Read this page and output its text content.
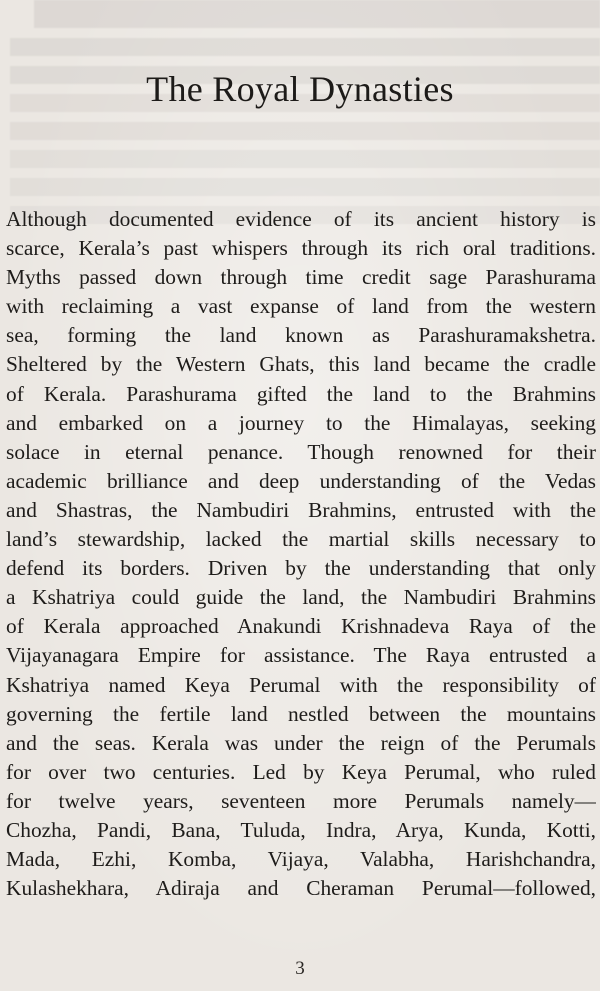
The Royal Dynasties
Although documented evidence of its ancient history is
scarce, Kerala’s past whispers through its rich oral traditions.
Myths passed down through time credit sage Parashurama
with reclaiming a vast expanse of land from the western
sea, forming the land known as Parashuramakshetra.
Sheltered by the Western Ghats, this land became the cradle
of Kerala. Parashurama gifted the land to the Brahmins
and embarked on a journey to the Himalayas, seeking
solace in eternal penance. Though renowned for their
academic brilliance and deep understanding of the Vedas
and Shastras, the Nambudiri Brahmins, entrusted with the
land’s stewardship, lacked the martial skills necessary to
defend its borders. Driven by the understanding that only
a Kshatriya could guide the land, the Nambudiri Brahmins
of Kerala approached Anakundi Krishnadeva Raya of the
Vijayanagara Empire for assistance. The Raya entrusted a
Kshatriya named Keya Perumal with the responsibility of
governing the fertile land nestled between the mountains
and the seas. Kerala was under the reign of the Perumals
for over two centuries. Led by Keya Perumal, who ruled
for twelve years, seventeen more Perumals namely—
Chozha, Pandi, Bana, Tuluda, Indra, Arya, Kunda, Kotti,
Mada, Ezhi, Komba, Vijaya, Valabha, Harishchandra,
Kulashekhara, Adiraja and Cheraman Perumal—followed,
3
